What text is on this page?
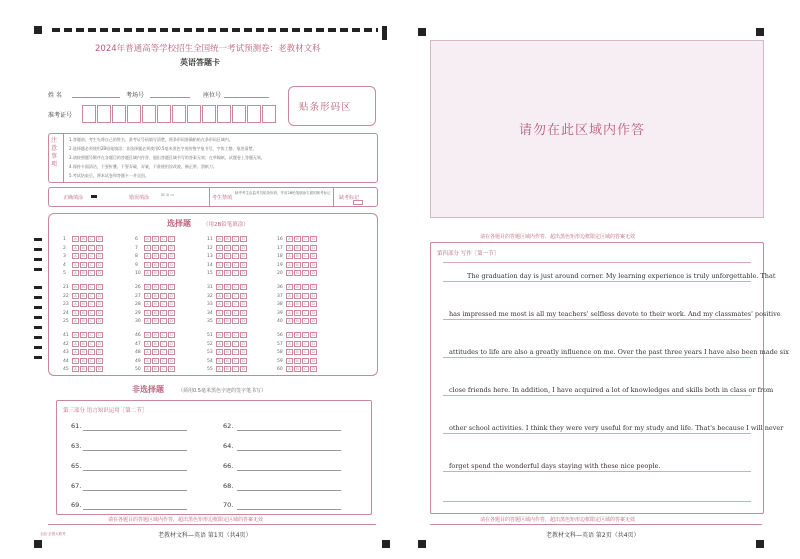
2024年普通高等学校招生全国统一考试预测卷：老教材文科
英语答题卡
姓 名	考场号	座位号
准考证号
贴条形码区
注意事项
1.答题前，考生先将自己的姓名、准考证号码填写清楚，将条形码准确粘贴在条形码区域内。
2.选择题必须使用2B铅笔填涂；非选择题必须使用0.5毫米黑色字迹的签字笔书写，字体工整、笔迹清楚。
3.请按照题号顺序在各题目的答题区域内作答，超出答题区域书写的答案无效；在草稿纸、试题卷上答题无效。
4.保持卡面清洁，不要折叠、不要弄破、弄皱，不准使用涂改液、修正带、刮纸刀。
5.考试结束后，将本试卷和答题卡一并交回。
正确填涂	错误填涂
☒ ⊘ ▭
考生禁填
缺考考生由监考员贴条形码，并用2B铅笔填涂右面的缺考标记
缺考标记
选择题 （用2B铅笔填涂）
1 A B C D
2 A B C D
3 A B C D
4 A B C D
5 A B C D
6 A B C D
7 A B C D
8 A B C D
9 A B C D
10 A B C D
11 A B C D
12 A B C D
13 A B C D
14 A B C D
15 A B C D
16 A B C D
17 A B C D
18 A B C D
19 A B C D
20 A B C D
21 A B C D
22 A B C D
23 A B C D
24 A B C D
25 A B C D
26 A B C D
27 A B C D
28 A B C D
29 A B C D
30 A B C D
31 A B C D
32 A B C D
33 A B C D
34 A B C D
35 A B C D
36 A B C D
37 A B C D
38 A B C D
39 A B C D
40 A B C D
41 A B C D
42 A B C D
43 A B C D
44 A B C D
45 A B C D
46 A B C D
47 A B C D
48 A B C D
49 A B C D
50 A B C D
51 A B C D
52 A B C D
53 A B C D
54 A B C D
55 A B C D
56 A B C D
57 A B C D
58 A B C D
59 A B C D
60 A B C D
非选择题	（须用0.5毫米黑色字迹的签字笔书写）
第三部分 语言知识运用［第二节］
61.	62.
63.	64.
65.	66.
67.	68.
69.	70.
请在各题目的答题区域内作答，超出黑色矩形边框限定区域的答案无效
全品·全国大联考	老教材文科—英语 第1页（共4页）
请勿在此区域内作答
请在各题目的答题区域内作答，超出黑色矩形边框限定区域的答案无效
第四部分 写作［第一节］
The graduation day is just around corner. My learning experience is truly unforgettable. That
has impressed me most is all my teachers' selfless devote to their work. And my classmates' positive
attitudes to life are also a greatly influence on me. Over the past three years I have also been made six
close friends here. In addition, I have acquired a lot of knowledges and skills both in class or from
other school activities. I think they were very useful for my study and life. That's because I will never
forget spend the wonderful days staying with these nice people.
请在各题目的答题区域内作答，超出黑色矩形边框限定区域的答案无效
老教材文科—英语 第2页（共4页）
